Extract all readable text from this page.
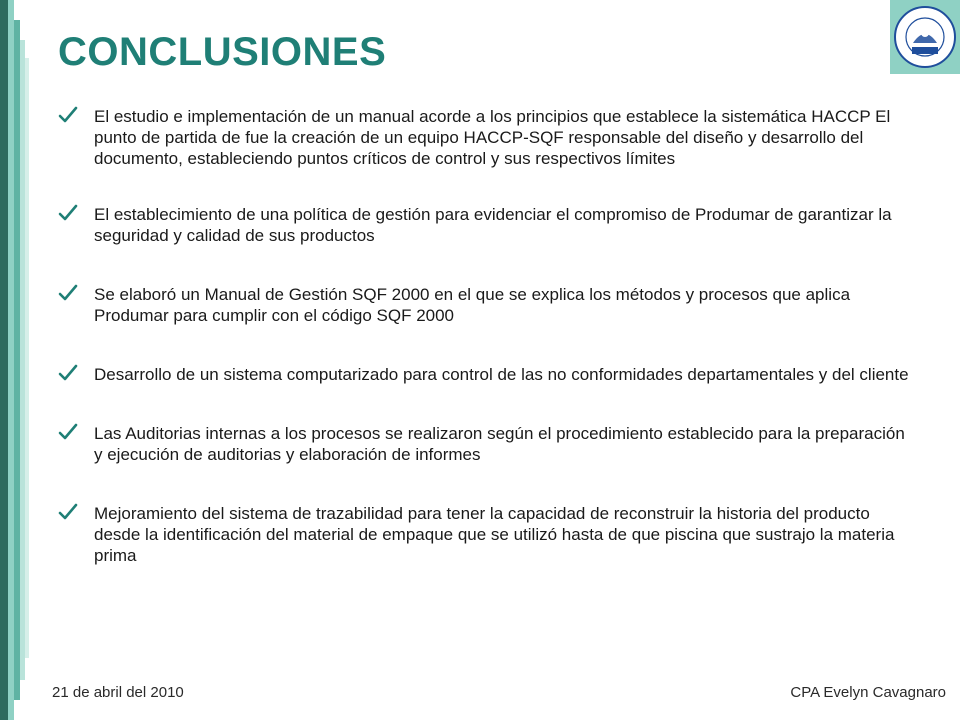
CONCLUSIONES
El estudio e implementación de un manual acorde a los principios que establece la sistemática HACCP El punto de partida de fue la creación de un equipo HACCP-SQF responsable del diseño y desarrollo del documento, estableciendo puntos críticos de control y sus respectivos límites
El establecimiento de una política de gestión para evidenciar el compromiso de Produmar de garantizar la seguridad y calidad de sus productos
Se elaboró un Manual de Gestión SQF 2000 en el que se explica los métodos y procesos que aplica Produmar para cumplir con el código SQF 2000
Desarrollo de un sistema computarizado para control de las no conformidades departamentales y del cliente
Las Auditorias internas a los procesos se realizaron según el procedimiento establecido para la preparación y ejecución de auditorias y elaboración de informes
Mejoramiento del sistema de trazabilidad para tener la capacidad de reconstruir la historia del producto desde la identificación del material de empaque que se utilizó hasta de que piscina que sustrajo la materia prima
21 de abril del 2010	CPA Evelyn Cavagnaro
